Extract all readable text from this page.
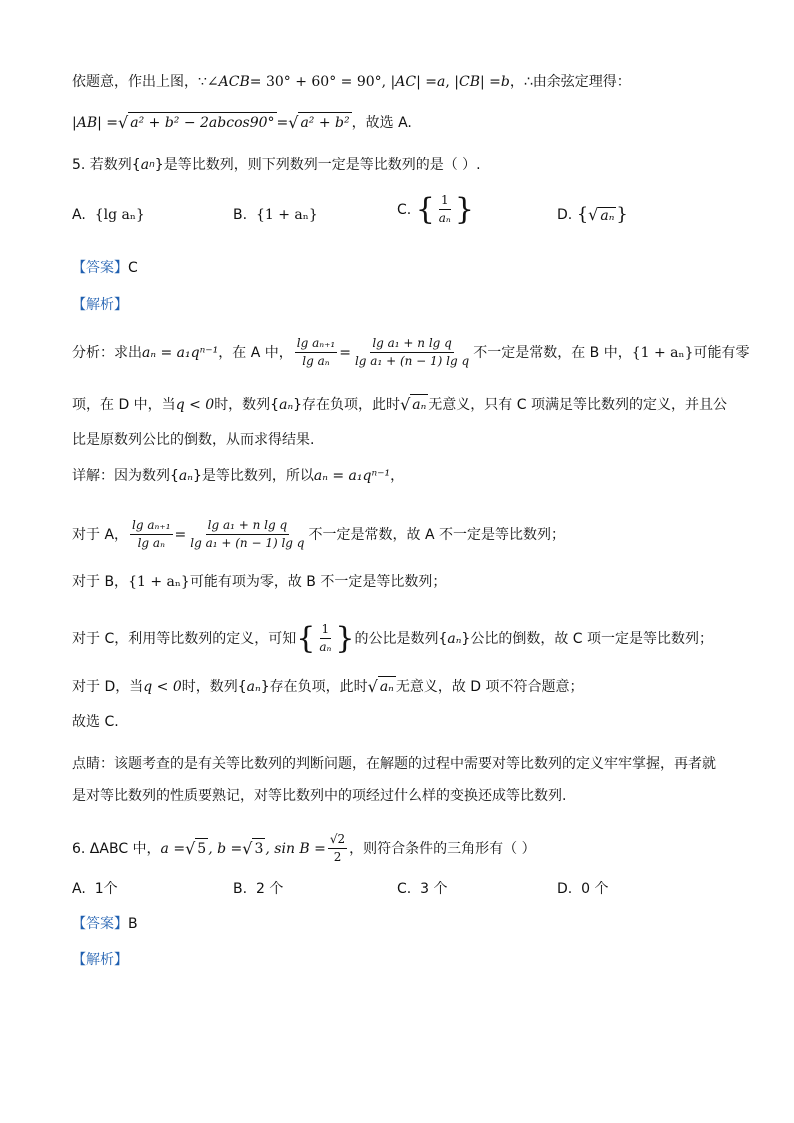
依题意，作出上图， ∵∠ ACB = 30° + 60° = 90°, | AC | = a , | CB | = b ，∴由余弦定理得：
| AB | = √ a² + b² − 2abcos90° = √ a² + b² ，故选 A.
5. 若数列{ a n }是等比数列，则下列数列一定是等比数列的是（ ）.
A. {lg aₙ}	B. {1 + aₙ}	C.
{ $\frac{1}{\text{aₙ}}$ }	D.
{ √ aₙ }
【答案】 C
【解析】
分析：求出 aₙ = a₁qⁿ⁻¹ ，在 A 中， $\frac{\text{lg aₙ₊₁}}{\text{lg aₙ}} = \frac{\text{lg a₁ + n lg q}}{\text{lg a₁ + (n − 1) lg q}}$ 不一定是常数，在 B 中， {1 + aₙ} 可能有零
项，在 D 中，当 q < 0 时，数列{ aₙ }存在负项，此时 √ aₙ 无意义，只有 C 项满足等比数列的定义，并且公
比是原数列公比的倒数，从而求得结果.
详解：因为数列{ aₙ }是等比数列，所以 aₙ = a₁qⁿ⁻¹ ，
对于 A， $\frac{\text{lg aₙ₊₁}}{\text{lg aₙ}} = \frac{\text{lg a₁ + n lg q}}{\text{lg a₁ + (n − 1) lg q}}$ 不一定是常数，故 A 不一定是等比数列；
对于 B， {1 + aₙ} 可能有项为零，故 B 不一定是等比数列；
对于 C，利用等比数列的定义，可知 { $\frac{1}{\text{aₙ}}$ } 的公比是数列{ aₙ }公比的倒数，故 C 项一定是等比数列；
对于 D，当 q < 0 时，数列{ aₙ }存在负项，此时 √ aₙ 无意义，故 D 项不符合题意；
故选 C.
点睛：该题考查的是有关等比数列的判断问题，在解题的过程中需要对等比数列的定义牢牢掌握，再者就
是对等比数列的性质要熟记，对等比数列中的项经过什么样的变换还成等比数列.
6. ΔABC 中， a = √ 5 , b = √ 3 , $\sin B = \frac{√2}{2}$ ，则符合条件的三角形有（ ）
A. 1个	B. 2 个	C. 3 个	D. 0 个
【答案】 B
【解析】
